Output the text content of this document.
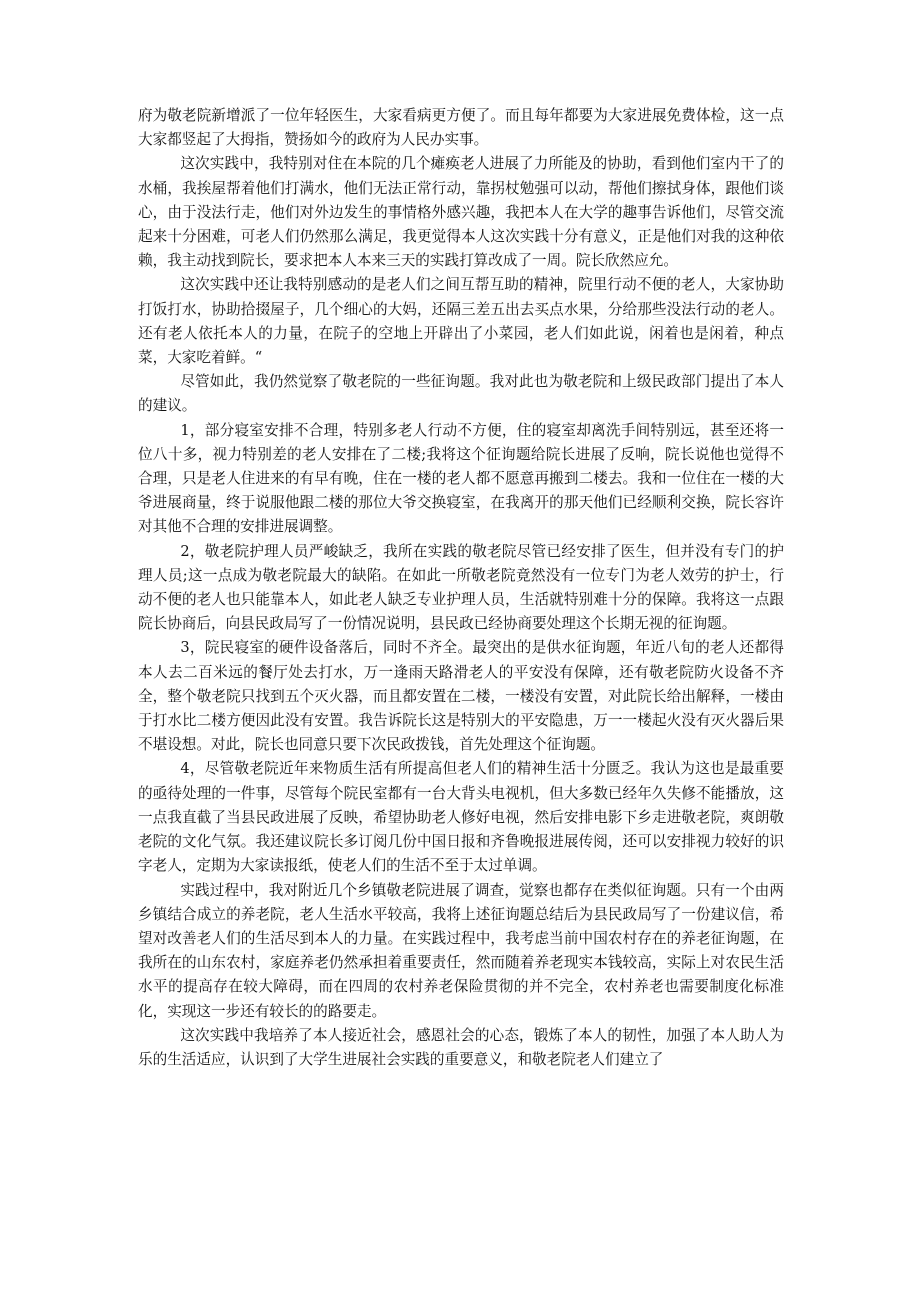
府为敬老院新增派了一位年轻医生，大家看病更方便了。而且每年都要为大家进展免费体检，这一点大家都竖起了大拇指，赞扬如今的政府为人民办实事。

这次实践中，我特别对住在本院的几个瘫痪老人进展了力所能及的协助，看到他们室内干了的水桶，我挨屋帮着他们打满水，他们无法正常行动，靠拐杖勉强可以动，帮他们擦拭身体，跟他们谈心，由于没法行走，他们对外边发生的事情格外感兴趣，我把本人在大学的趣事告诉他们，尽管交流起来十分困难，可老人们仍然那么满足，我更觉得本人这次实践十分有意义，正是他们对我的这种依赖，我主动找到院长，要求把本人本来三天的实践打算改成了一周。院长欣然应允。

这次实践中还让我特别感动的是老人们之间互帮互助的精神，院里行动不便的老人，大家协助打饭打水，协助拾掇屋子，几个细心的大妈，还隔三差五出去买点水果，分给那些没法行动的老人。还有老人依托本人的力量，在院子的空地上开辟出了小菜园，老人们如此说，闲着也是闲着，种点菜，大家吃着鲜。“

尽管如此，我仍然觉察了敬老院的一些征询题。我对此也为敬老院和上级民政部门提出了本人的建议。

1，部分寝室安排不合理，特别多老人行动不方便，住的寝室却离洗手间特别远，甚至还将一位八十多，视力特别差的老人安排在了二楼;我将这个征询题给院长进展了反响，院长说他也觉得不合理，只是老人住进来的有早有晚，住在一楼的老人都不愿意再搬到二楼去。我和一位住在一楼的大爷进展商量，终于说服他跟二楼的那位大爷交换寝室，在我离开的那天他们已经顺利交换，院长容许对其他不合理的安排进展调整。

2，敬老院护理人员严峻缺乏，我所在实践的敬老院尽管已经安排了医生，但并没有专门的护理人员;这一点成为敬老院最大的缺陷。在如此一所敬老院竟然没有一位专门为老人效劳的护士，行动不便的老人也只能靠本人，如此老人缺乏专业护理人员，生活就特别难十分的保障。我将这一点跟院长协商后，向县民政局写了一份情况说明，县民政已经协商要处理这个长期无视的征询题。

3，院民寝室的硬件设备落后，同时不齐全。最突出的是供水征询题，年近八旬的老人还都得本人去二百米远的餐厅处去打水，万一逢雨天路滑老人的平安没有保障，还有敬老院防火设备不齐全，整个敬老院只找到五个灭火器，而且都安置在二楼，一楼没有安置，对此院长给出解释，一楼由于打水比二楼方便因此没有安置。我告诉院长这是特别大的平安隐患，万一一楼起火没有灭火器后果不堪设想。对此，院长也同意只要下次民政拨钱，首先处理这个征询题。

4，尽管敬老院近年来物质生活有所提高但老人们的精神生活十分匮乏。我认为这也是最重要的亟待处理的一件事，尽管每个院民室都有一台大背头电视机，但大多数已经年久失修不能播放，这一点我直截了当县民政进展了反映，希望协助老人修好电视，然后安排电影下乡走进敬老院，爽朗敬老院的文化气氛。我还建议院长多订阅几份中国日报和齐鲁晚报进展传阅，还可以安排视力较好的识字老人，定期为大家读报纸，使老人们的生活不至于太过单调。

实践过程中，我对附近几个乡镇敬老院进展了调查，觉察也都存在类似征询题。只有一个由两乡镇结合成立的养老院，老人生活水平较高，我将上述征询题总结后为县民政局写了一份建议信，希望对改善老人们的生活尽到本人的力量。在实践过程中，我考虑当前中国农村存在的养老征询题，在我所在的山东农村，家庭养老仍然承担着重要责任，然而随着养老现实本钱较高，实际上对农民生活水平的提高存在较大障碍，而在四周的农村养老保险贯彻的并不完全，农村养老也需要制度化标准化，实现这一步还有较长的的路要走。

这次实践中我培养了本人接近社会，感恩社会的心态，锻炼了本人的韧性，加强了本人助人为乐的生活适应，认识到了大学生进展社会实践的重要意义，和敬老院老人们建立了
